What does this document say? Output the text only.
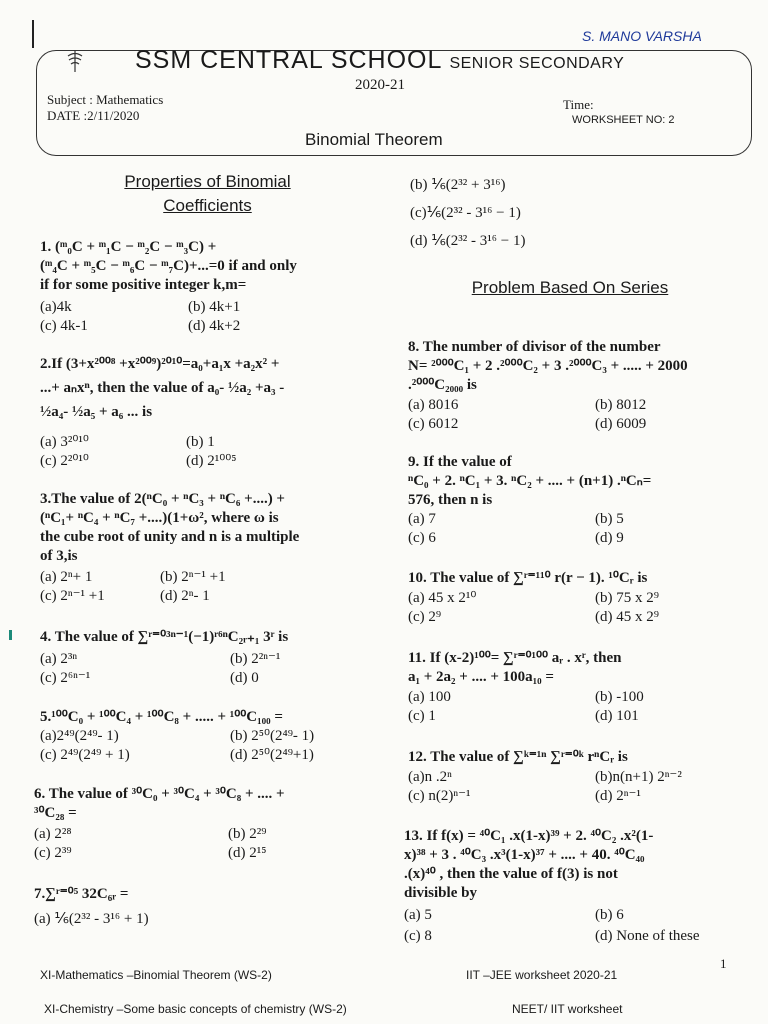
S. MANO VARSHA
SSM CENTRAL SCHOOL SENIOR SECONDARY
2020-21
Subject : Mathematics
DATE :2/11/2020
Time:
WORKSHEET NO: 2
Binomial Theorem
Properties of Binomial
Coefficients
1. (ᵐ₀C + ᵐ₁C − ᵐ₂C − ᵐ₃C) +
(ᵐ₄C + ᵐ₅C − ᵐ₆C − ᵐ₇C)+...=0 if and only
if for some positive integer k,m=
(a)4k	(b) 4k+1
(c) 4k-1	(d) 4k+2
2.If (3+x²⁰⁰⁸ +x²⁰⁰⁹)²⁰¹⁰=a₀+a₁x +a₂x² +
...+ aₙxⁿ, then the value of a₀- ½a₂ +a₃ -
½a₄- ½a₅ + a₆ ... is
(a) 3²⁰¹⁰	(b) 1
(c) 2²⁰¹⁰	(d) 2¹⁰⁰⁵
3.The value of 2(ⁿC₀ + ⁿC₃ + ⁿC₆ +....) +
(ⁿC₁+ ⁿC₄ + ⁿC₇ +....)(1+ω², where ω is
the cube root of unity and n is a multiple
of 3,is
(a) 2ⁿ+ 1	(b) 2ⁿ⁻¹ +1
(c) 2ⁿ⁻¹ +1	(d) 2ⁿ- 1
4. The value of ∑ʳ⁼⁰³ⁿ⁻¹(−1)ʳ⁶ⁿC₂ᵣ₊₁ 3ʳ is
(a) 2³ⁿ	(b) 2²ⁿ⁻¹
(c) 2⁶ⁿ⁻¹	(d) 0
5.¹⁰⁰C₀ + ¹⁰⁰C₄ + ¹⁰⁰C₈ + ..... + ¹⁰⁰C₁₀₀ =
(a)2⁴⁹(2⁴⁹- 1)	(b) 2⁵⁰(2⁴⁹- 1)
(c) 2⁴⁹(2⁴⁹ + 1)	(d) 2⁵⁰(2⁴⁹+1)
6. The value of ³⁰C₀ + ³⁰C₄ + ³⁰C₈ + .... +
³⁰C₂₈ =
(a) 2²⁸	(b) 2²⁹
(c) 2³⁹	(d) 2¹⁵
7.∑ʳ⁼⁰⁵ 32C₆ᵣ =
(a) ⅙(2³² - 3¹⁶ + 1)
(b) ⅙(2³² + 3¹⁶)
(c)⅙(2³² - 3¹⁶ − 1)
(d) ⅙(2³² - 3¹⁶ − 1)
Problem Based On Series
8. The number of divisor of the number
N= ²⁰⁰⁰C₁ + 2 .²⁰⁰⁰C₂ + 3 .²⁰⁰⁰C₃ + ..... + 2000
.²⁰⁰⁰C₂₀₀₀ is
(a) 8016	(b) 8012
(c) 6012	(d) 6009
9. If the value of
ⁿC₀ + 2. ⁿC₁ + 3. ⁿC₂ + .... + (n+1) .ⁿCₙ=
576, then n is
(a) 7	(b) 5
(c) 6	(d) 9
10. The value of ∑ʳ⁼¹¹⁰ r(r − 1). ¹⁰Cᵣ is
(a) 45 x 2¹⁰	(b) 75 x 2⁹
(c) 2⁹	(d) 45 x 2⁹
11. If (x-2)¹⁰⁰= ∑ʳ⁼⁰¹⁰⁰ aᵣ . xʳ, then
a₁ + 2a₂ + .... + 100a₁₀ =
(a) 100	(b) -100
(c) 1	(d) 101
12. The value of ∑ᵏ⁼¹ⁿ ∑ʳ⁼⁰ᵏ rⁿCᵣ is
(a)n .2ⁿ	(b)n(n+1) 2ⁿ⁻²
(c) n(2)ⁿ⁻¹	(d) 2ⁿ⁻¹
13. If f(x) = ⁴⁰C₁ .x(1-x)³⁹ + 2. ⁴⁰C₂ .x²(1-
x)³⁸ + 3 . ⁴⁰C₃ .x³(1-x)³⁷ + .... + 40. ⁴⁰C₄₀
.(x)⁴⁰ , then the value of f(3) is not
divisible by
(a) 5	(b) 6
(c) 8	(d) None of these
1
XI-Mathematics –Binomial Theorem (WS-2)	IIT –JEE worksheet 2020-21
XI-Chemistry –Some basic concepts of chemistry (WS-2)	NEET/ IIT worksheet
